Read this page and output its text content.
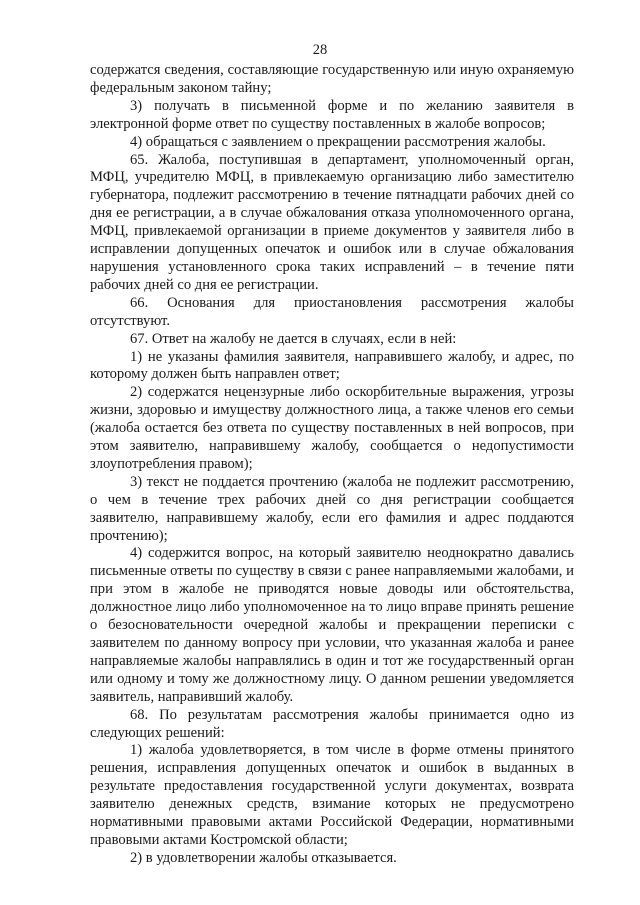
28

содержатся сведения, составляющие государственную или иную охраняемую федеральным законом тайну;

3) получать в письменной форме и по желанию заявителя в электронной форме ответ по существу поставленных в жалобе вопросов;

4) обращаться с заявлением о прекращении рассмотрения жалобы.

65. Жалоба, поступившая в департамент, уполномоченный орган, МФЦ, учредителю МФЦ, в привлекаемую организацию либо заместителю губернатора, подлежит рассмотрению в течение пятнадцати рабочих дней со дня ее регистрации, а в случае обжалования отказа уполномоченного органа, МФЦ, привлекаемой организации в приеме документов у заявителя либо в исправлении допущенных опечаток и ошибок или в случае обжалования нарушения установленного срока таких исправлений – в течение пяти рабочих дней со дня ее регистрации.

66. Основания для приостановления рассмотрения жалобы отсутствуют.

67. Ответ на жалобу не дается в случаях, если в ней:

1) не указаны фамилия заявителя, направившего жалобу, и адрес, по которому должен быть направлен ответ;

2) содержатся нецензурные либо оскорбительные выражения, угрозы жизни, здоровью и имуществу должностного лица, а также членов его семьи (жалоба остается без ответа по существу поставленных в ней вопросов, при этом заявителю, направившему жалобу, сообщается о недопустимости злоупотребления правом);

3) текст не поддается прочтению (жалоба не подлежит рассмотрению, о чем в течение трех рабочих дней со дня регистрации сообщается заявителю, направившему жалобу, если его фамилия и адрес поддаются прочтению);

4) содержится вопрос, на который заявителю неоднократно давались письменные ответы по существу в связи с ранее направляемыми жалобами, и при этом в жалобе не приводятся новые доводы или обстоятельства, должностное лицо либо уполномоченное на то лицо вправе принять решение о безосновательности очередной жалобы и прекращении переписки с заявителем по данному вопросу при условии, что указанная жалоба и ранее направляемые жалобы направлялись в один и тот же государственный орган или одному и тому же должностному лицу. О данном решении уведомляется заявитель, направивший жалобу.

68. По результатам рассмотрения жалобы принимается одно из следующих решений:

1) жалоба удовлетворяется, в том числе в форме отмены принятого решения, исправления допущенных опечаток и ошибок в выданных в результате предоставления государственной услуги документах, возврата заявителю денежных средств, взимание которых не предусмотрено нормативными правовыми актами Российской Федерации, нормативными правовыми актами Костромской области;

2) в удовлетворении жалобы отказывается.
